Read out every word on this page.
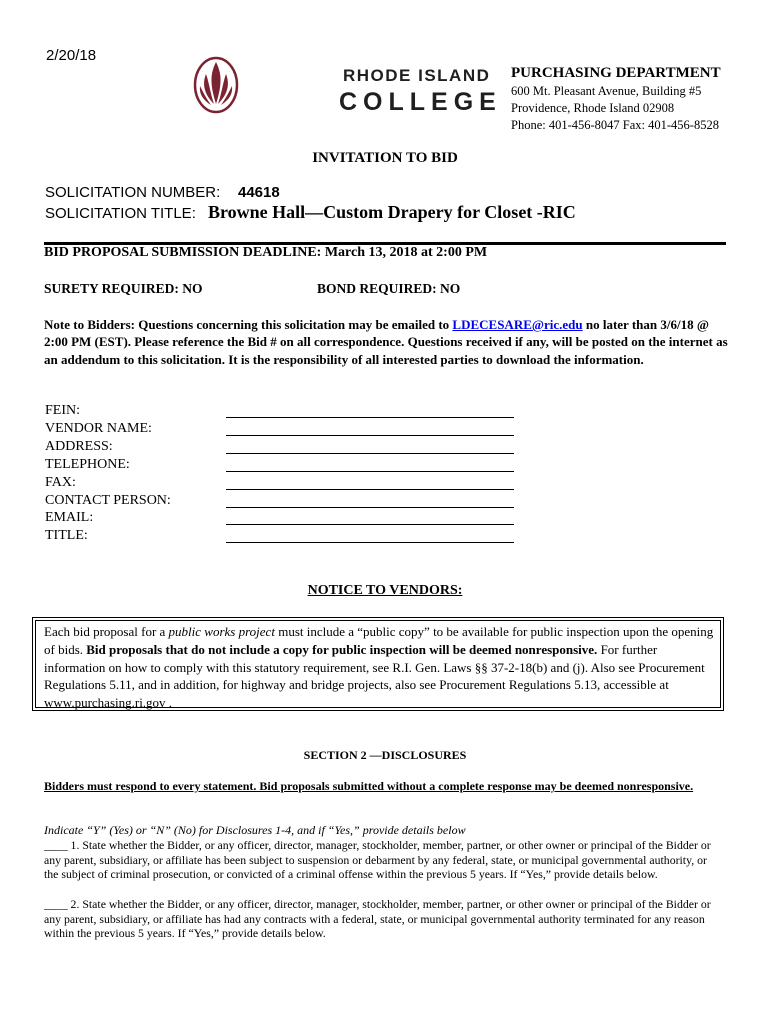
2/20/18
RHODE ISLAND
COLLEGE
PURCHASING DEPARTMENT
600 Mt. Pleasant Avenue, Building #5
Providence, Rhode Island 02908
Phone: 401-456-8047 Fax: 401-456-8528
INVITATION TO BID
SOLICITATION NUMBER: 44618
SOLICITATION TITLE: Browne Hall—Custom Drapery for Closet -RIC
BID PROPOSAL SUBMISSION DEADLINE: March 13, 2018 at 2:00 PM
SURETY REQUIRED: NO	BOND REQUIRED: NO
Note to Bidders: Questions concerning this solicitation may be emailed to LDECESARE@ric.edu no later than 3/6/18 @ 2:00 PM (EST). Please reference the Bid # on all correspondence. Questions received if any, will be posted on the internet as an addendum to this solicitation. It is the responsibility of all interested parties to download the information.
FEIN:
VENDOR NAME:
ADDRESS:
TELEPHONE:
FAX:
CONTACT PERSON:
EMAIL:
TITLE:
NOTICE TO VENDORS:
Each bid proposal for a public works project must include a “public copy” to be available for public inspection upon the opening of bids. Bid proposals that do not include a copy for public inspection will be deemed nonresponsive. For further information on how to comply with this statutory requirement, see R.I. Gen. Laws §§ 37-2-18(b) and (j). Also see Procurement Regulations 5.11, and in addition, for highway and bridge projects, also see Procurement Regulations 5.13, accessible at www.purchasing.ri.gov .
SECTION 2 —DISCLOSURES
Bidders must respond to every statement. Bid proposals submitted without a complete response may be deemed nonresponsive.
Indicate “Y” (Yes) or “N” (No) for Disclosures 1-4, and if “Yes,” provide details below
____ 1. State whether the Bidder, or any officer, director, manager, stockholder, member, partner, or other owner or principal of the Bidder or any parent, subsidiary, or affiliate has been subject to suspension or debarment by any federal, state, or municipal governmental authority, or the subject of criminal prosecution, or convicted of a criminal offense within the previous 5 years. If “Yes,” provide details below.
____ 2. State whether the Bidder, or any officer, director, manager, stockholder, member, partner, or other owner or principal of the Bidder or any parent, subsidiary, or affiliate has had any contracts with a federal, state, or municipal governmental authority terminated for any reason within the previous 5 years. If “Yes,” provide details below.
